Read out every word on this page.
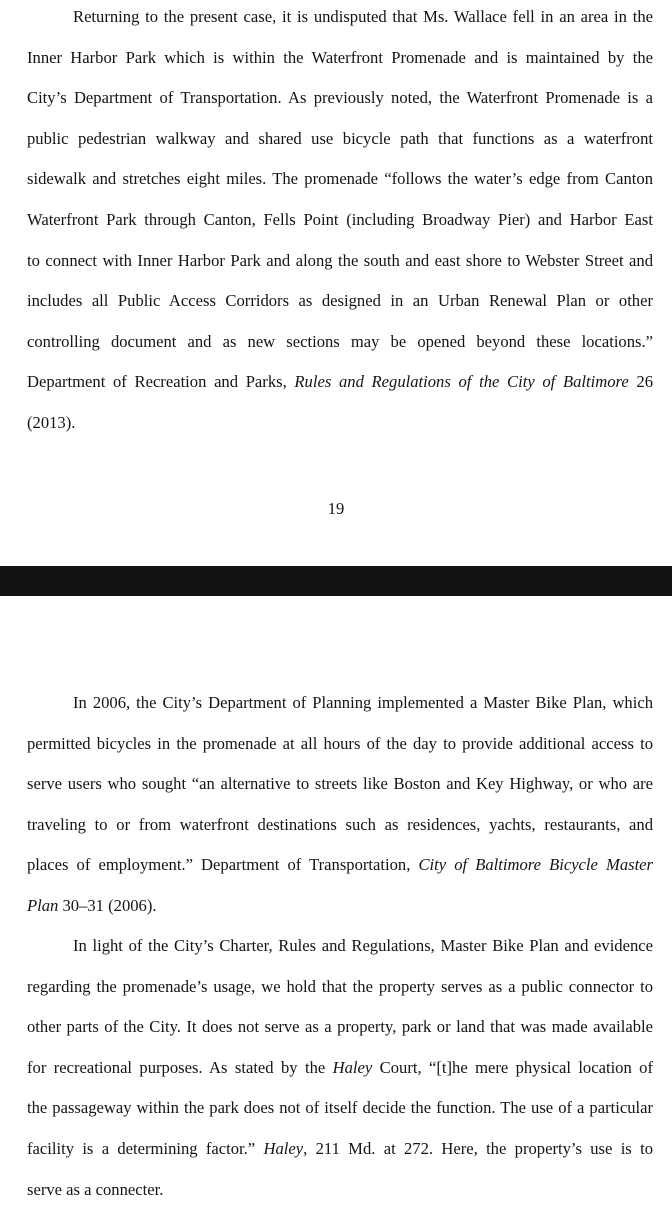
Returning to the present case, it is undisputed that Ms. Wallace fell in an area in the
Inner Harbor Park which is within the Waterfront Promenade and is maintained by the
City’s Department of Transportation. As previously noted, the Waterfront Promenade is a
public pedestrian walkway and shared use bicycle path that functions as a waterfront
sidewalk and stretches eight miles. The promenade “follows the water’s edge from Canton
Waterfront Park through Canton, Fells Point (including Broadway Pier) and Harbor East
to connect with Inner Harbor Park and along the south and east shore to Webster Street and
includes all Public Access Corridors as designed in an Urban Renewal Plan or other
controlling document and as new sections may be opened beyond these locations.”
Department of Recreation and Parks, Rules and Regulations of the City of Baltimore 26
(2013).
19
In 2006, the City’s Department of Planning implemented a Master Bike Plan, which
permitted bicycles in the promenade at all hours of the day to provide additional access to
serve users who sought “an alternative to streets like Boston and Key Highway, or who are
traveling to or from waterfront destinations such as residences, yachts, restaurants, and
places of employment.” Department of Transportation, City of Baltimore Bicycle Master
Plan 30–31 (2006).
In light of the City’s Charter, Rules and Regulations, Master Bike Plan and evidence
regarding the promenade’s usage, we hold that the property serves as a public connector to
other parts of the City. It does not serve as a property, park or land that was made available
for recreational purposes. As stated by the Haley Court, “[t]he mere physical location of
the passageway within the park does not of itself decide the function. The use of a particular
facility is a determining factor.” Haley, 211 Md. at 272. Here, the property’s use is to
serve as a connecter.
